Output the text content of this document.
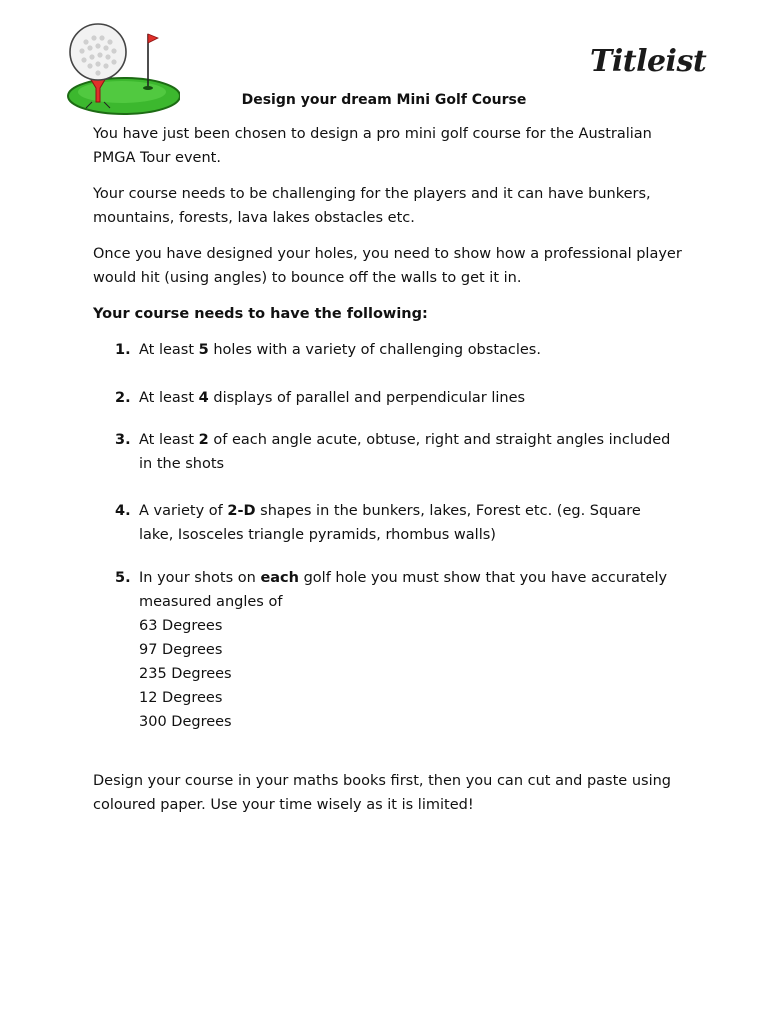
Titleist
Design your dream Mini Golf Course

You have just been chosen to design a pro mini golf course for the Australian PMGA Tour event.

Your course needs to be challenging for the players and it can have bunkers, mountains, forests, lava lakes obstacles etc.

Once you have designed your holes, you need to show how a professional player would hit (using angles) to bounce off the walls to get it in.

Your course needs to have the following:

1. At least 5 holes with a variety of challenging obstacles.
2. At least 4 displays of parallel and perpendicular lines
3. At least 2 of each angle acute, obtuse, right and straight angles included in the shots
4. A variety of 2-D shapes in the bunkers, lakes, Forest etc. (eg. Square lake, Isosceles triangle pyramids, rhombus walls)
5. In your shots on each golf hole you must show that you have accurately measured angles of
63 Degrees
97 Degrees
235 Degrees
12 Degrees
300 Degrees

Design your course in your maths books first, then you can cut and paste using coloured paper. Use your time wisely as it is limited!
